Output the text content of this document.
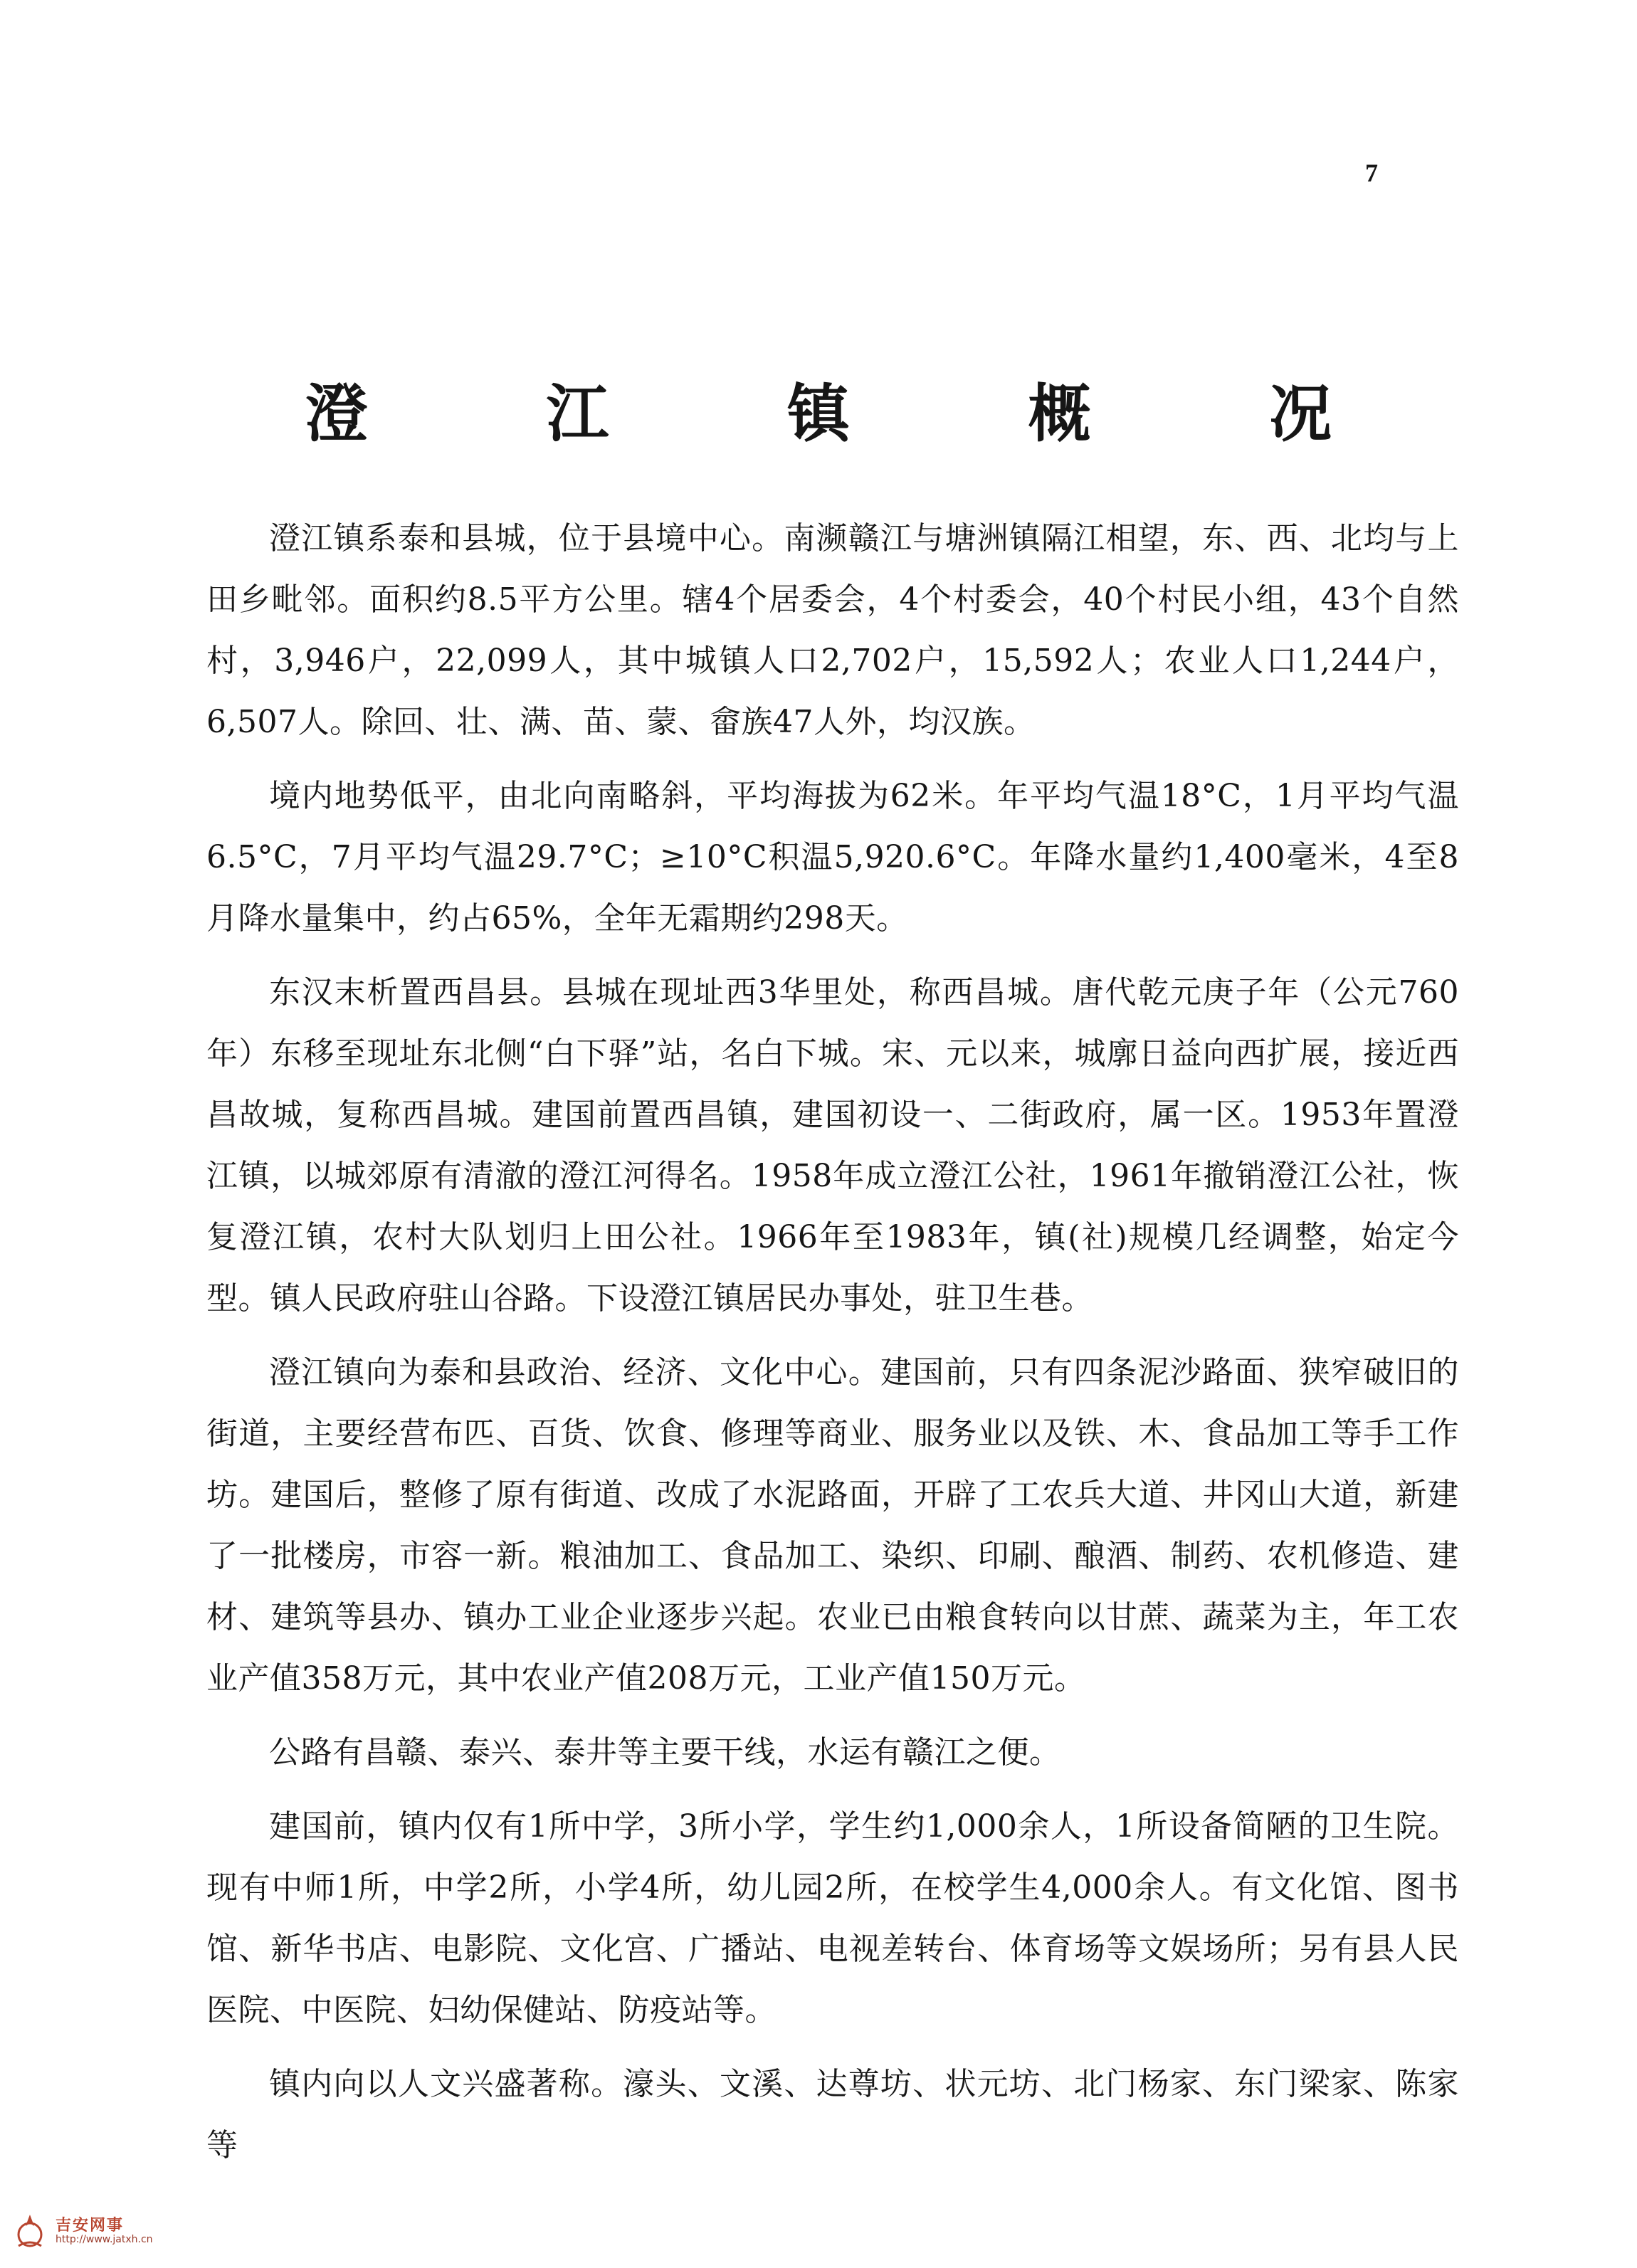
7
澄 江 镇 概 况

澄江镇系泰和县城，位于县境中心。南濒赣江与塘洲镇隔江相望，东、西、北均与上田乡毗邻。面积约8.5平方公里。辖4个居委会，4个村委会，40个村民小组，43个自然村，3,946户，22,099人，其中城镇人口2,702户，15,592人；农业人口1,244户，6,507人。除回、壮、满、苗、蒙、畲族47人外，均汉族。

境内地势低平，由北向南略斜，平均海拔为62米。年平均气温18°C，1月平均气温6.5°C，7月平均气温29.7°C；≥10°C积温5,920.6°C。年降水量约1,400毫米，4至8月降水量集中，约占65%，全年无霜期约298天。

东汉末析置西昌县。县城在现址西3华里处，称西昌城。唐代乾元庚子年（公元760年）东移至现址东北侧“白下驿”站，名白下城。宋、元以来，城廓日益向西扩展，接近西昌故城，复称西昌城。建国前置西昌镇，建国初设一、二街政府，属一区。1953年置澄江镇，以城郊原有清澈的澄江河得名。1958年成立澄江公社，1961年撤销澄江公社，恢复澄江镇，农村大队划归上田公社。1966年至1983年，镇(社)规模几经调整，始定今型。镇人民政府驻山谷路。下设澄江镇居民办事处，驻卫生巷。

澄江镇向为泰和县政治、经济、文化中心。建国前，只有四条泥沙路面、狭窄破旧的街道，主要经营布匹、百货、饮食、修理等商业、服务业以及铁、木、食品加工等手工作坊。建国后，整修了原有街道、改成了水泥路面，开辟了工农兵大道、井冈山大道，新建了一批楼房，市容一新。粮油加工、食品加工、染织、印刷、酿酒、制药、农机修造、建材、建筑等县办、镇办工业企业逐步兴起。农业已由粮食转向以甘蔗、蔬菜为主，年工农业产值358万元，其中农业产值208万元，工业产值150万元。

公路有昌赣、泰兴、泰井等主要干线，水运有赣江之便。

建国前，镇内仅有1所中学，3所小学，学生约1,000余人，1所设备简陋的卫生院。现有中师1所，中学2所，小学4所，幼儿园2所，在校学生4,000余人。有文化馆、图书馆、新华书店、电影院、文化宫、广播站、电视差转台、体育场等文娱场所；另有县人民医院、中医院、妇幼保健站、防疫站等。

镇内向以人文兴盛著称。濠头、文溪、达尊坊、状元坊、北门杨家、东门梁家、陈家等

吉安网事
http://www.jatxh.cn
